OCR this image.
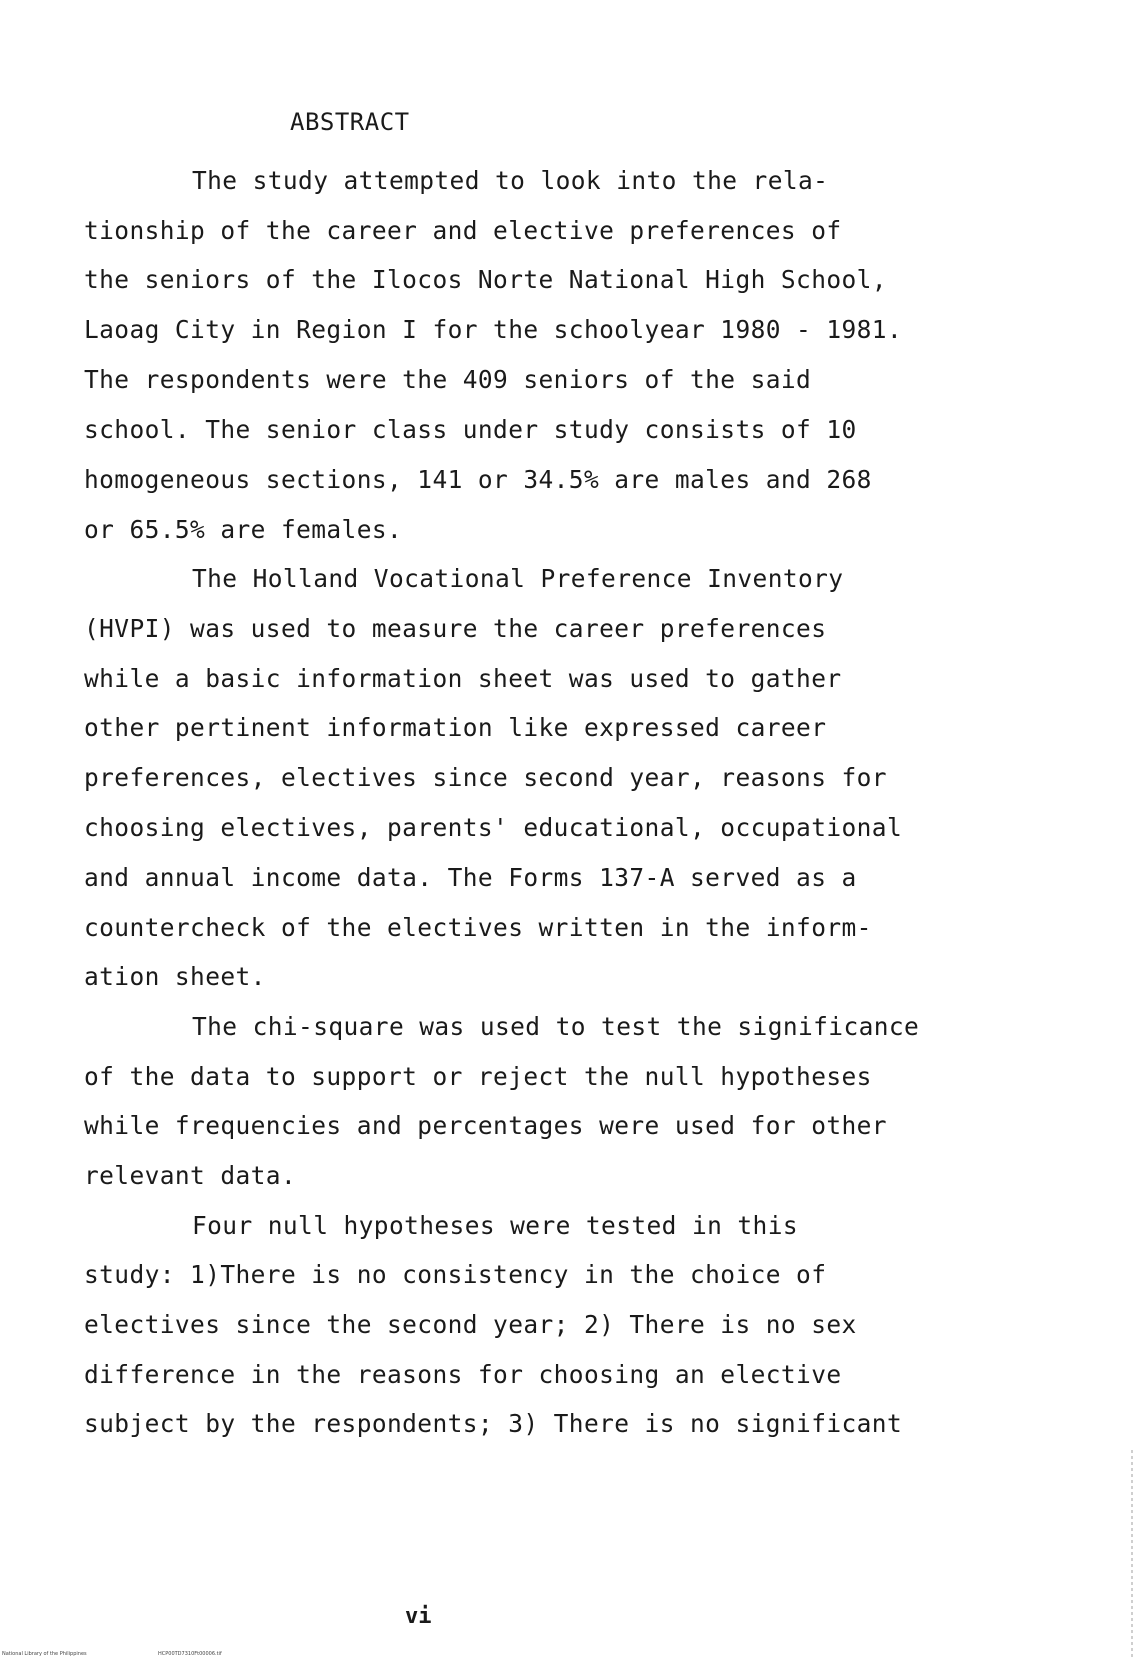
ABSTRACT
The study attempted to look into the rela-
tionship of the career and elective preferences of
the seniors of the Ilocos Norte National High School,
Laoag City in Region I for the schoolyear 1980 - 1981.
The respondents were the 409 seniors of the said
school. The senior class under study consists of 10
homogeneous sections, 141 or 34.5% are males and 268
or 65.5% are females.
The Holland Vocational Preference Inventory
(HVPI) was used to measure the career preferences
while a basic information sheet was used to gather
other pertinent information like expressed career
preferences, electives since second year, reasons for
choosing electives, parents' educational, occupational
and annual income data. The Forms 137-A served as a
countercheck of the electives written in the inform-
ation sheet.
The chi-square was used to test the significance
of the data to support or reject the null hypotheses
while frequencies and percentages were used for other
relevant data.
Four null hypotheses were tested in this
study: 1)There is no consistency in the choice of
electives since the second year; 2) There is no sex
difference in the reasons for choosing an elective
subject by the respondents; 3) There is no significant
vi
National Library of the Philippines	HCP00TD7310Ft00006.tif
